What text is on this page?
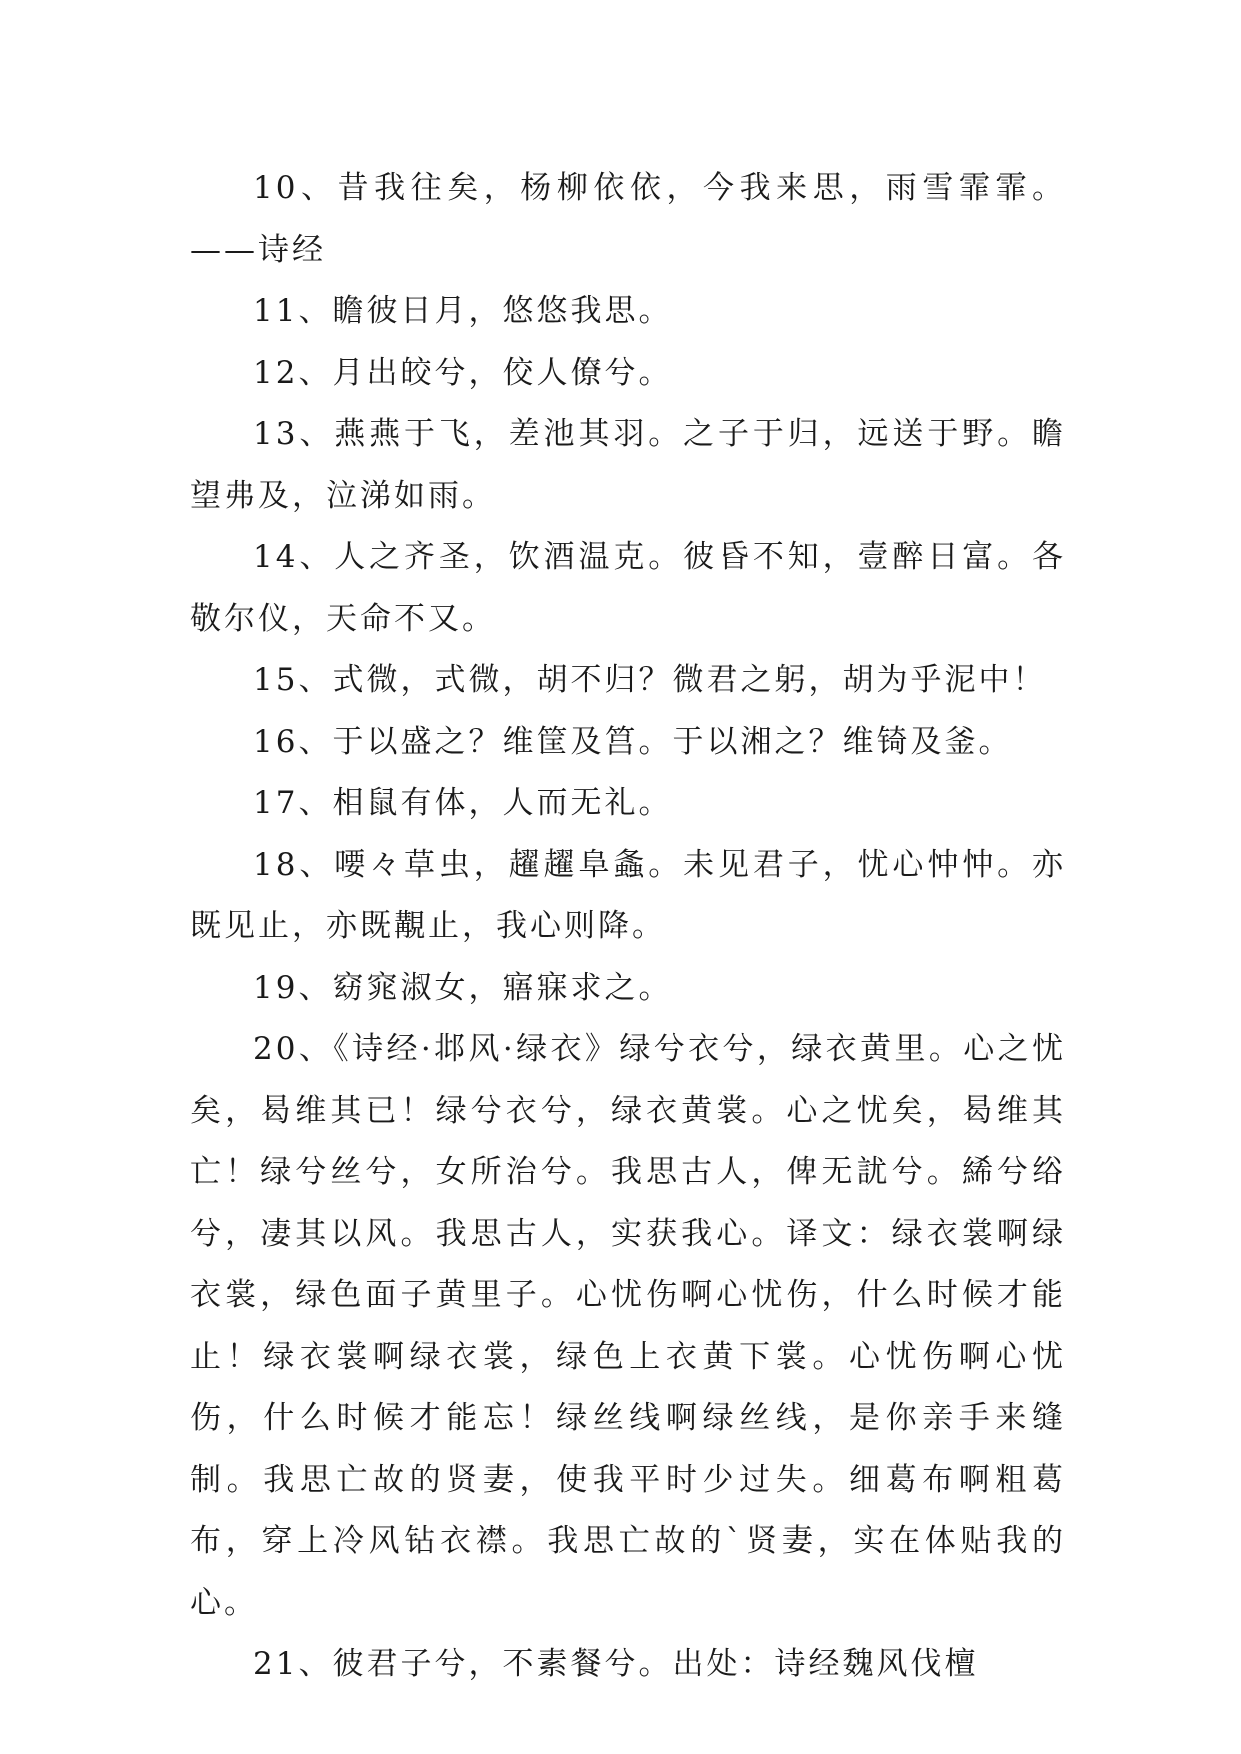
10、昔我往矣，杨柳依依，今我来思，雨雪霏霏。——诗经

11、瞻彼日月，悠悠我思。

12、月出皎兮，佼人僚兮。

13、燕燕于飞，差池其羽。之子于归，远送于野。瞻望弗及，泣涕如雨。

14、人之齐圣，饮酒温克。彼昏不知，壹醉日富。各敬尔仪，天命不又。

15、式微，式微，胡不归？微君之躬，胡为乎泥中！

16、于以盛之？维筐及筥。于以湘之？维锜及釜。

17、相鼠有体，人而无礼。

18、喓々草虫，趯趯阜螽。未见君子，忧心忡忡。亦既见止，亦既覯止，我心则降。

19、窈窕淑女，寤寐求之。

20、《诗经·邶风·绿衣》绿兮衣兮，绿衣黄里。心之忧矣，曷维其已！绿兮衣兮，绿衣黄裳。心之忧矣，曷维其亡！绿兮丝兮，女所治兮。我思古人，俾无訧兮。絺兮绤兮，凄其以风。我思古人，实获我心。译文：绿衣裳啊绿衣裳，绿色面子黄里子。心忧伤啊心忧伤，什么时候才能止！绿衣裳啊绿衣裳，绿色上衣黄下裳。心忧伤啊心忧伤，什么时候才能忘！绿丝线啊绿丝线，是你亲手来缝制。我思亡故的贤妻，使我平时少过失。细葛布啊粗葛布，穿上冷风钻衣襟。我思亡故的`贤妻，实在体贴我的心。

21、彼君子兮，不素餐兮。出处：诗经魏风伐檀
